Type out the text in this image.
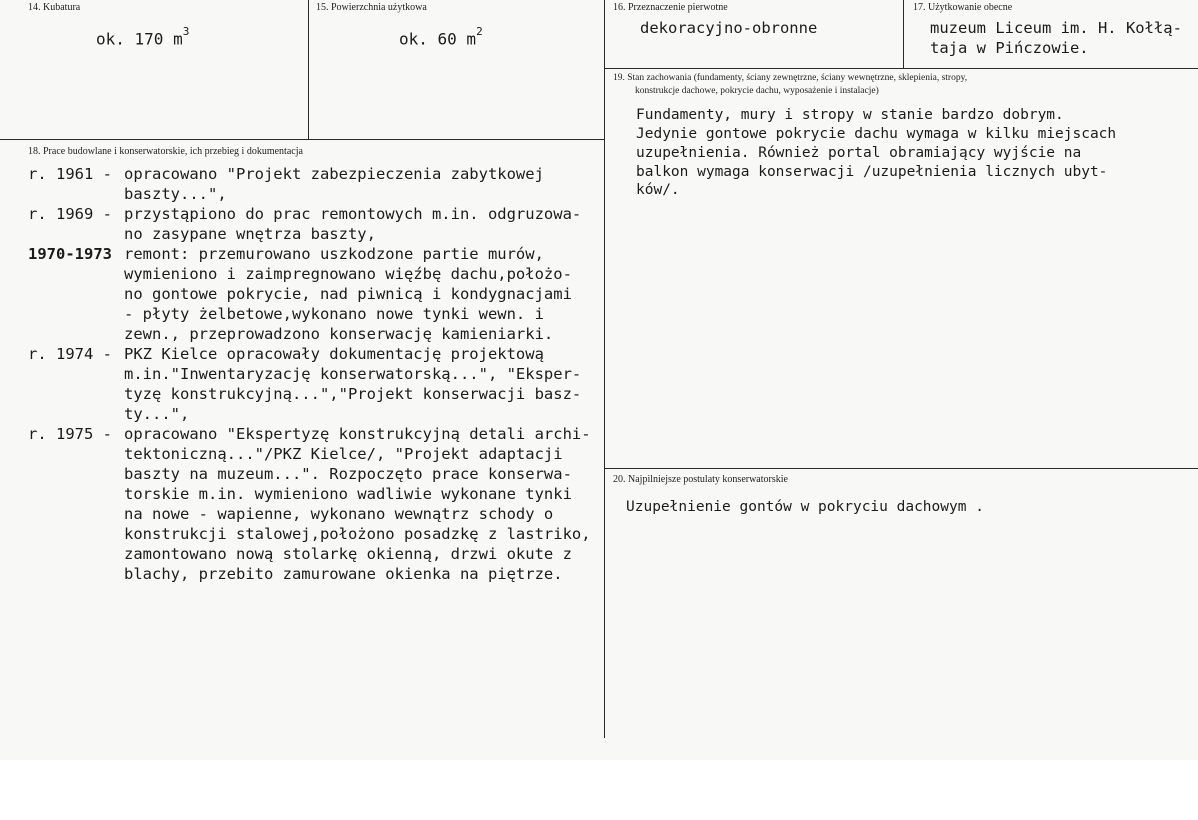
14. Kubatura
ok. 170 $m^3$
15. Powierzchnia użytkowa
ok. 60 $m^2$
16. Przeznaczenie pierwotne
dekoracyjno-obronne
17. Użytkowanie obecne
muzeum Liceum im. H. Kołłą-
taja w Pińczowie.
18. Prace budowlane i konserwatorskie, ich przebieg i dokumentacja
r. 1961 - opracowano "Projekt zabezpieczenia zabytkowej
baszty...",
r. 1969 - przystąpiono do prac remontowych m.in. odgruzowa-
no zasypane wnętrza baszty,
1970-1973 remont: przemurowano uszkodzone partie murów,
wymieniono i zaimpregnowano więźbę dachu,położo-
no gontowe pokrycie, nad piwnicą i kondygnacjami
- płyty żelbetowe,wykonano nowe tynki wewn. i
zewn., przeprowadzono konserwację kamieniarki.
r. 1974 - PKZ Kielce opracowały dokumentację projektową
m.in."Inwentaryzację konserwatorską...", "Eksper-
tyzę konstrukcyjną...","Projekt konserwacji basz-
ty...",
r. 1975 - opracowano "Ekspertyzę konstrukcyjną detali archi-
tektoniczną..."/PKZ Kielce/, "Projekt adaptacji
baszty na muzeum...". Rozpoczęto prace konserwa-
torskie m.in. wymieniono wadliwie wykonane tynki
na nowe - wapienne, wykonano wewnątrz schody o
konstrukcji stalowej,położono posadzkę z lastriko,
zamontowano nową stolarkę okienną, drzwi okute z
blachy, przebito zamurowane okienka na piętrze.
19. Stan zachowania (fundamenty, ściany zewnętrzne, ściany wewnętrzne, sklepienia, stropy,
konstrukcje dachowe, pokrycie dachu, wyposażenie i instalacje)
Fundamenty, mury i stropy w stanie bardzo dobrym.
Jedynie gontowe pokrycie dachu wymaga w kilku miejscach
uzupełnienia. Również portal obramiający wyjście na
balkon wymaga konserwacji /uzupełnienia licznych ubyt-
ków/.
20. Najpilniejsze postulaty konserwatorskie
Uzupełnienie gontów w pokryciu dachowym .
